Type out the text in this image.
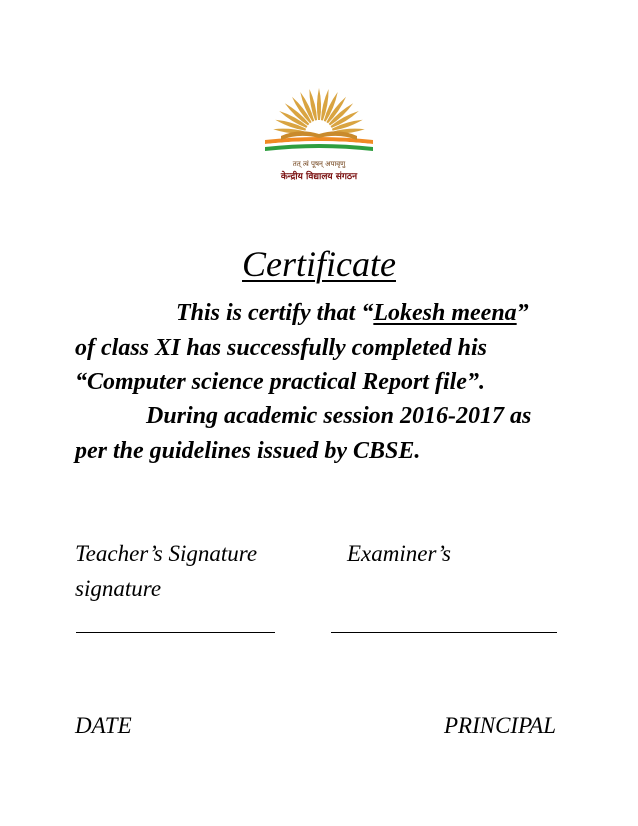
तत् त्वं पूषन् अपावृणु
केन्द्रीय विद्यालय संगठन
Certificate
This is certify that “Lokesh meena”
of class XI has successfully completed his
“Computer science practical Report file”.
During academic session 2016-2017 as
per the guidelines issued by CBSE.
Teacher’s Signature	Examiner’s
signature
DATE	PRINCIPAL
